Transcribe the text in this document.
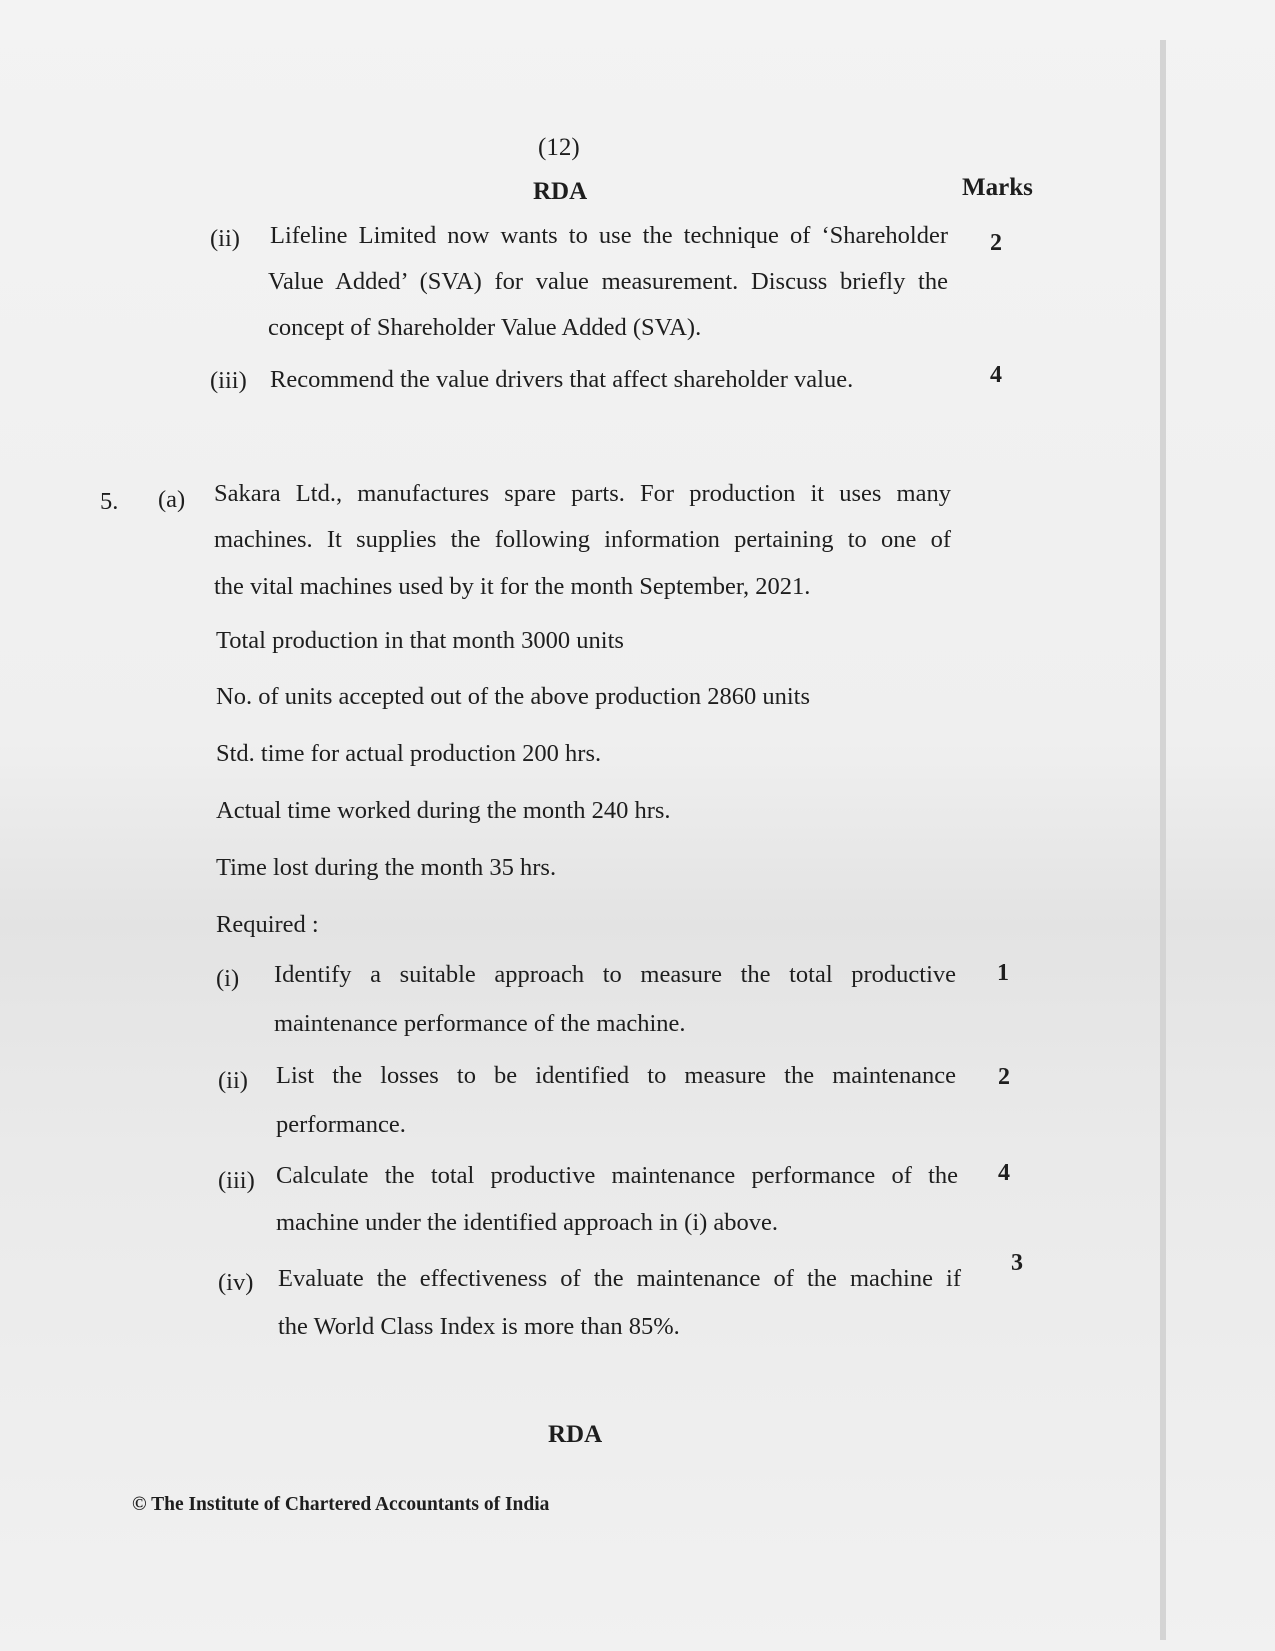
(12)
RDA	Marks
(ii) Lifeline Limited now wants to use the technique of ‘Shareholder
Value Added’ (SVA) for value measurement. Discuss briefly the
concept of Shareholder Value Added (SVA).
2
(iii) Recommend the value drivers that affect shareholder value.	4
5. (a) Sakara Ltd., manufactures spare parts. For production it uses many
machines. It supplies the following information pertaining to one of
the vital machines used by it for the month September, 2021.
Total production in that month 3000 units
No. of units accepted out of the above production 2860 units
Std. time for actual production 200 hrs.
Actual time worked during the month 240 hrs.
Time lost during the month 35 hrs.
Required :
(i) Identify a suitable approach to measure the total productive
maintenance performance of the machine.
1
(ii) List the losses to be identified to measure the maintenance
performance.
2
(iii) Calculate the total productive maintenance performance of the
machine under the identified approach in (i) above.
4
(iv) Evaluate the effectiveness of the maintenance of the machine if
the World Class Index is more than 85%.
3
RDA
© The Institute of Chartered Accountants of India
